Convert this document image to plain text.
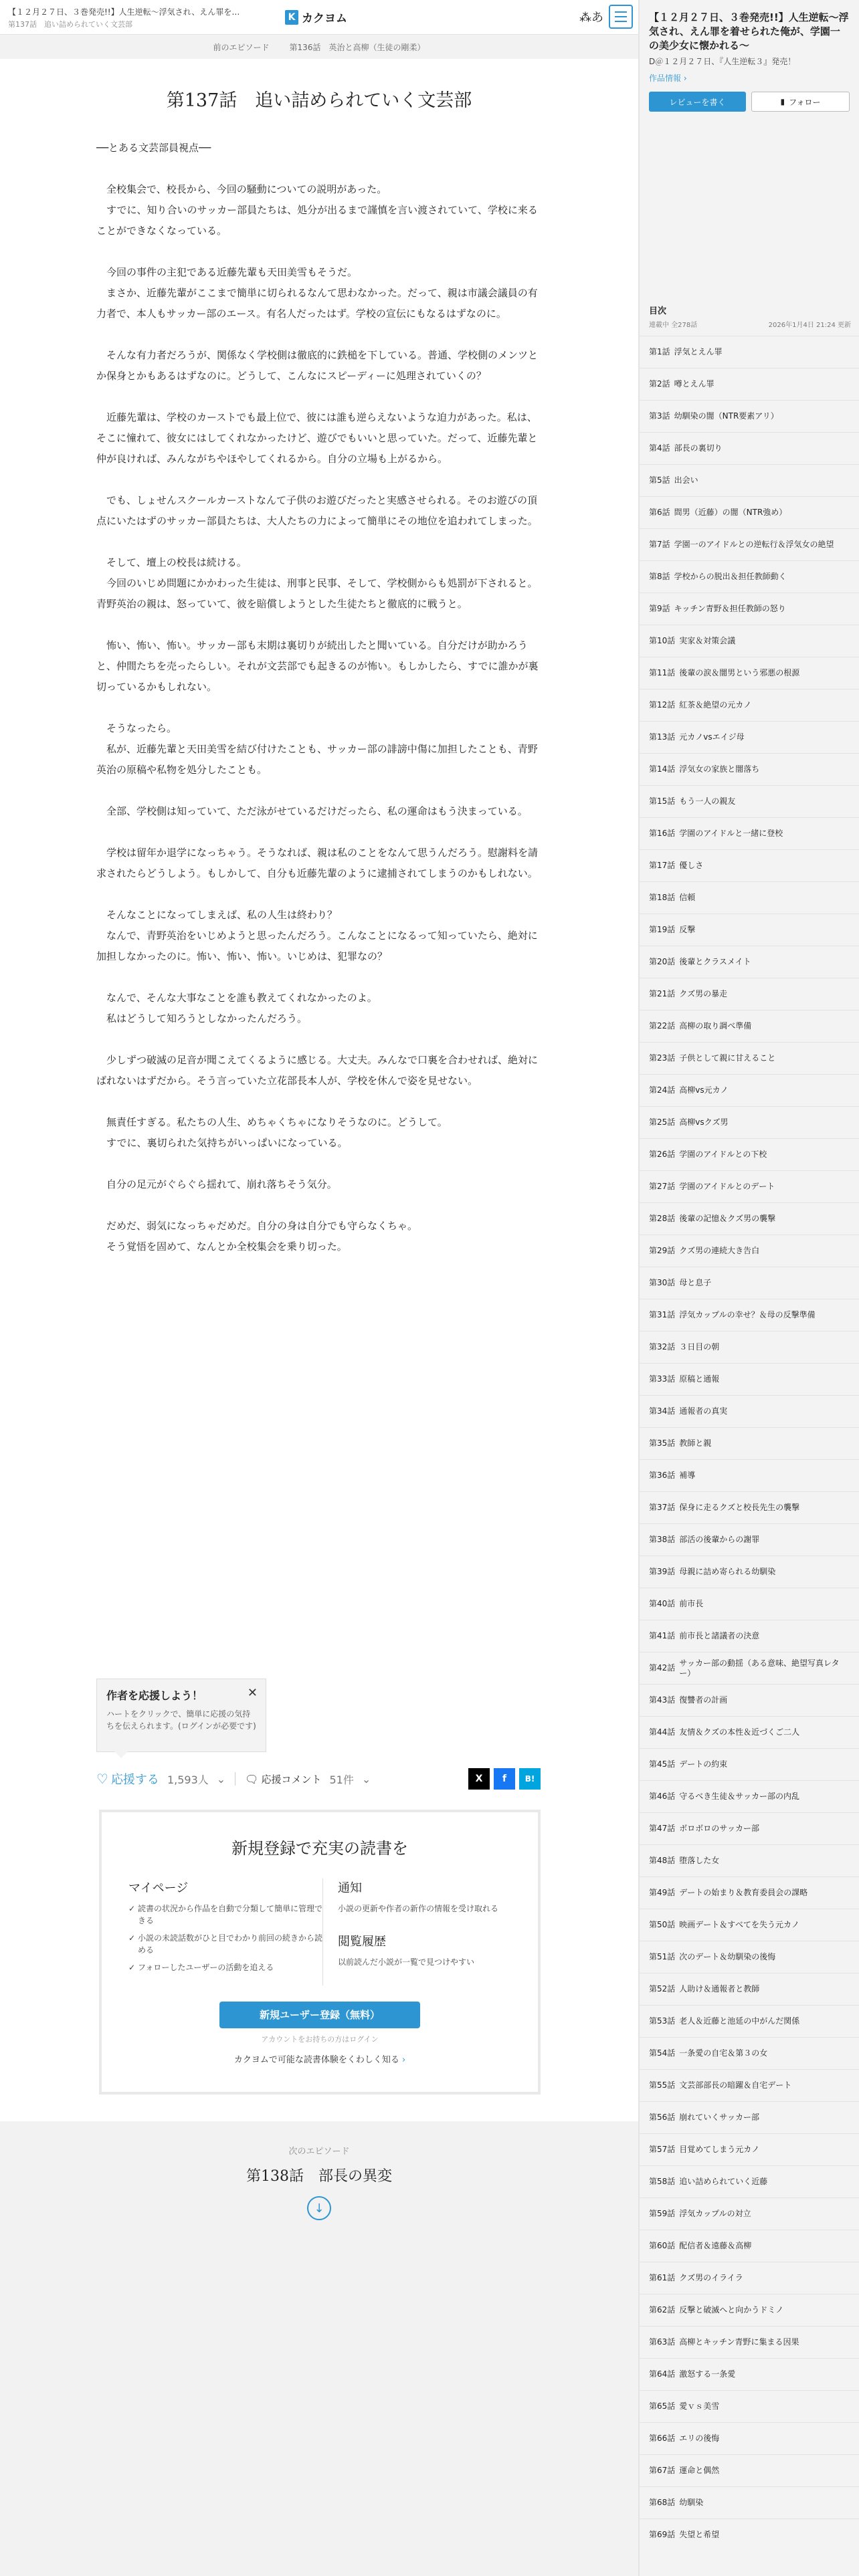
【１２月２７日、３巻発売!!】人生逆転〜浮気され、えん罪を…
第137話　追い詰められていく文芸部
K カクヨム	⁂あ
前のエピソード	第136話　英治と高柳（生徒の剛柔）
第137話　追い詰められていく文芸部

──とある文芸部員視点──

　全校集会で、校長から、今回の騒動についての説明があった。

　すでに、知り合いのサッカー部員たちは、処分が出るまで謹慎を言い渡されていて、学校に来ることができなくなっている。

　今回の事件の主犯である近藤先輩も天田美雪もそうだ。

　まさか、近藤先輩がここまで簡単に切られるなんて思わなかった。だって、親は市議会議員の有力者で、本人もサッカー部のエース。有名人だったはず。学校の宣伝にもなるはずなのに。

　そんな有力者だろうが、関係なく学校側は徹底的に鉄槌を下している。普通、学校側のメンツとか保身とかもあるはずなのに。どうして、こんなにスピーディーに処理されていくの？

　近藤先輩は、学校のカーストでも最上位で、彼には誰も逆らえないような迫力があった。私は、そこに憧れて、彼女にはしてくれなかったけど、遊びでもいいと思っていた。だって、近藤先輩と仲が良ければ、みんながちやほやしてくれるから。自分の立場も上がるから。

　でも、しょせんスクールカーストなんて子供のお遊びだったと実感させられる。そのお遊びの頂点にいたはずのサッカー部員たちは、大人たちの力によって簡単にその地位を追われてしまった。

　そして、壇上の校長は続ける。

　今回のいじめ問題にかかわった生徒は、刑事と民事、そして、学校側からも処罰が下されると。青野英治の親は、怒っていて、彼を賠償しようとした生徒たちと徹底的に戦うと。

　怖い、怖い、怖い。サッカー部も末期は裏切りが続出したと聞いている。自分だけが助かろうと、仲間たちを売ったらしい。それが文芸部でも起きるのが怖い。もしかしたら、すでに誰かが裏切っているかもしれない。

　そうなったら。

　私が、近藤先輩と天田美雪を結び付けたことも、サッカー部の誹謗中傷に加担したことも、青野英治の原稿や私物を処分したことも。

　全部、学校側は知っていて、ただ泳がせているだけだったら、私の運命はもう決まっている。

　学校は留年か退学になっちゃう。そうなれば、親は私のことをなんて思うんだろう。慰謝料を請求されたらどうしよう。もしかして、自分も近藤先輩のように逮捕されてしまうのかもしれない。

　そんなことになってしまえば、私の人生は終わり？

　なんで、青野英治をいじめようと思ったんだろう。こんなことになるって知っていたら、絶対に加担しなかったのに。怖い、怖い、怖い。いじめは、犯罪なの？

　なんで、そんな大事なことを誰も教えてくれなかったのよ。

　私はどうして知ろうとしなかったんだろう。

　少しずつ破滅の足音が聞こえてくるように感じる。大丈夫。みんなで口裏を合わせれば、絶対にばれないはずだから。そう言っていた立花部長本人が、学校を休んで姿を見せない。

　無責任すぎる。私たちの人生、めちゃくちゃになりそうなのに。どうして。

　すでに、裏切られた気持ちがいっぱいになっている。

　自分の足元がぐらぐら揺れて、崩れ落ちそう気分。

　だめだ、弱気になっちゃだめだ。自分の身は自分でも守らなくちゃ。

　そう覚悟を固めて、なんとか全校集会を乗り切った。

作者を応援しよう！
ハートをクリックで、簡単に応援の気持ちを伝えられます。(ログインが必要です)
✕
♡ 応援する 1,593人 ⌄ 🗨 応援コメント 51件 ⌄	X	f	B!
新規登録で充実の読書を
マイページ
✓ 読書の状況から作品を自動で分類して簡単に管理できる
✓ 小説の未読話数がひと目でわかり前回の続きから読める
✓ フォローしたユーザーの活動を追える
通知
小説の更新や作者の新作の情報を受け取れる
閲覧履歴
以前読んだ小説が一覧で見つけやすい
新規ユーザー登録（無料）
アカウントをお持ちの方はログイン
カクヨムで可能な読書体験をくわしく知る ›
次のエピソード
第138話　部長の異変
↓
【１２月２７日、３巻発売!!】人生逆転〜浮気され、えん罪を着せられた俺が、学園一の美少女に懐かれる〜
D＠１２月２７日、『人生逆転３』発売！
作品情報 ›
レビューを書く	▮ フォロー
目次
連載中 全278話	2026年1月4日 21:24 更新
第1話 浮気とえん罪
第2話 噂とえん罪
第3話 幼馴染の闇（NTR要素アリ）
第4話 部長の裏切り
第5話 出会い
第6話 間男（近藤）の闇（NTR強め）
第7話 学園一のアイドルとの逆転行＆浮気女の絶望
第8話 学校からの脱出＆担任教師動く
第9話 キッチン青野＆担任教師の怒り
第10話 実家＆対策会議
第11話 後輩の涙＆闇男という邪悪の根源
第12話 紅茶＆絶望の元カノ
第13話 元カノvsエイジ母
第14話 浮気女の家族と闇落ち
第15話 もう一人の親友
第16話 学園のアイドルと一緒に登校
第17話 優しさ
第18話 信頼
第19話 反撃
第20話 後輩とクラスメイト
第21話 クズ男の暴走
第22話 高柳の取り調べ準備
第23話 子供として親に甘えること
第24話 高柳vs元カノ
第25話 高柳vsクズ男
第26話 学園のアイドルとの下校
第27話 学園のアイドルとのデート
第28話 後輩の記憶＆クズ男の襲撃
第29話 クズ男の連続大き告白
第30話 母と息子
第31話 浮気カップルの幸せ？＆母の反撃準備
第32話 ３日目の朝
第33話 原稿と通報
第34話 通報者の真実
第35話 教師と親
第36話 補導
第37話 保身に走るクズと校長先生の襲撃
第38話 部活の後輩からの謝罪
第39話 母親に詰め寄られる幼馴染
第40話 前市長
第41話 前市長と諸議者の決意
第42話
サッカー部の動揺（ある意味、絶望写真レター）
第43話 復讐者の計画
第44話 友情＆クズの本性＆近づくご二人
第45話 デートの約束
第46話 守るべき生徒＆サッカー部の内乱
第47話 ボロボロのサッカー部
第48話 堕落した女
第49話 デートの始まり＆教育委員会の課略
第50話 映画デート＆すべてを失う元カノ
第51話 次のデート＆幼馴染の後悔
第52話 人助け＆通報者と教師
第53話 老人＆近藤と池延の中がんだ関係
第54話 一条愛の自宅＆第３の女
第55話 文芸部部長の暗躍＆自宅デート
第56話 崩れていくサッカー部
第57話 目覚めてしまう元カノ
第58話 追い詰められていく近藤
第59話 浮気カップルの対立
第60話 配信者＆遠藤＆高柳
第61話 クズ男のイライラ
第62話 反撃と破滅へと向かうドミノ
第63話 高柳とキッチン青野に集まる因果
第64話 激怒する一条愛
第65話 愛ｖｓ美雪
第66話 エリの後悔
第67話 運命と偶然
第68話 幼馴染
第69話 失望と希望
